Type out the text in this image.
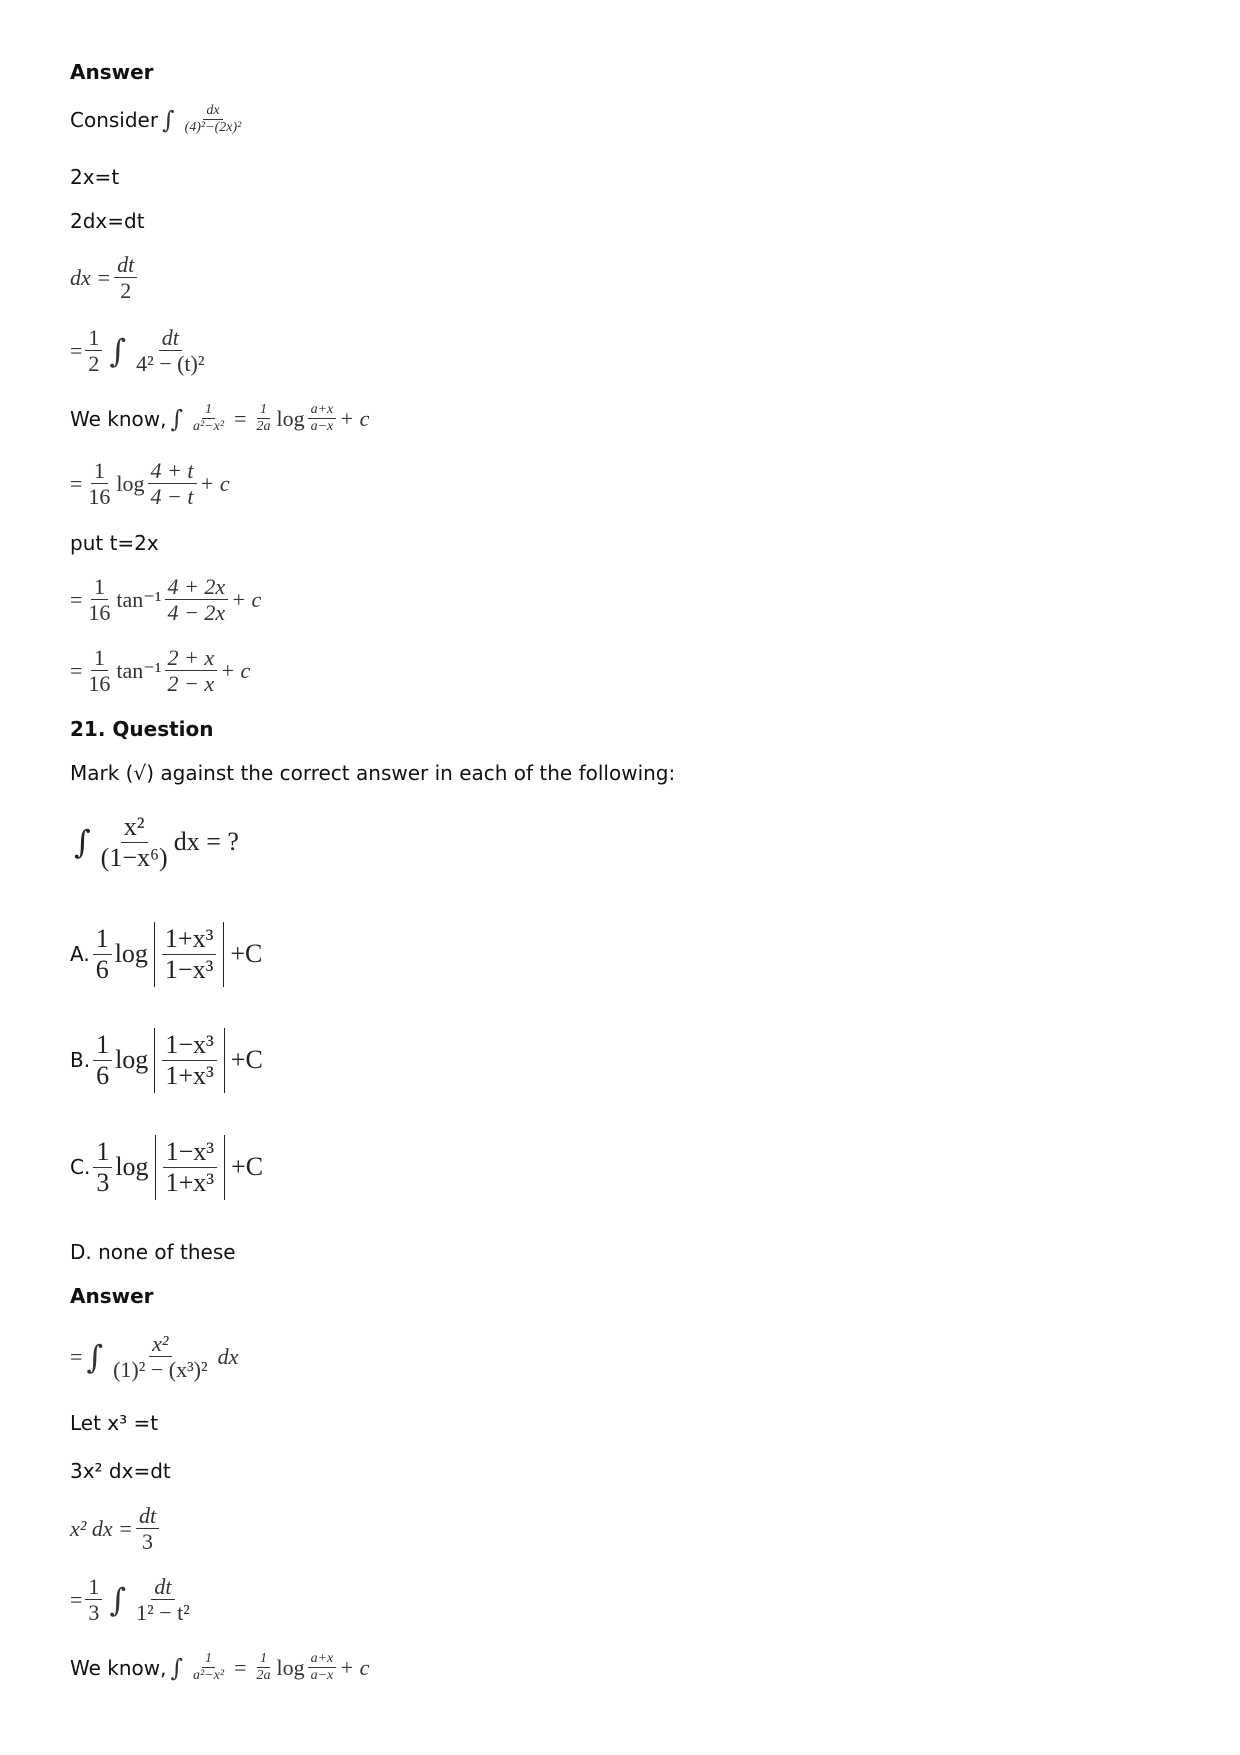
Answer
Consider ∫ $\frac{dx}{\text{(4)²−(2x)²}}$
2x=t
2dx=dt
dx = $\frac{dt}{2}$
= $\frac{1}{2}$ ∫ $\frac{dt}{\text{4² − (t)²}}$
We know, ∫ $\frac{1}{\text{a²−x²}} = \frac{1}{2a}$ $\log \frac{a+x}{a-x} + c$
= $\frac{1}{16}$ $\log \frac{4 + t}{4 - t} + c$
put t=2x
= $\frac{1}{16} \tan^{-1} \frac{4 + 2x}{4 - 2x} + c$
= $\frac{1}{16} \tan^{-1} \frac{2 + x}{2 - x} + c$
21. Question
Mark (√) against the correct answer in each of the following:
∫ $\frac{\text{x²}}{\text{(1−x⁶)}}$ dx = ?
A. $\frac{1}{6}$ $\log \frac{\text{1+x³}}{\text{1−x³}} +C$
B. $\frac{1}{6}$ $\log \frac{\text{1−x³}}{\text{1+x³}} +C$
C. $\frac{1}{3}$ $\log \frac{\text{1−x³}}{\text{1+x³}} +C$
D.
none of these
Answer
= ∫ $\frac{\text{x²}}{\text{(1)² − (x³)²}}$ dx
Let x³ =t
3x² dx=dt
x² dx = $\frac{dt}{3}$
= $\frac{1}{3}$ ∫ $\frac{dt}{\text{1² − t²}}$
We know, ∫ $\frac{1}{\text{a²−x²}} = \frac{1}{2a}$ $\log \frac{a+x}{a-x} + c$
